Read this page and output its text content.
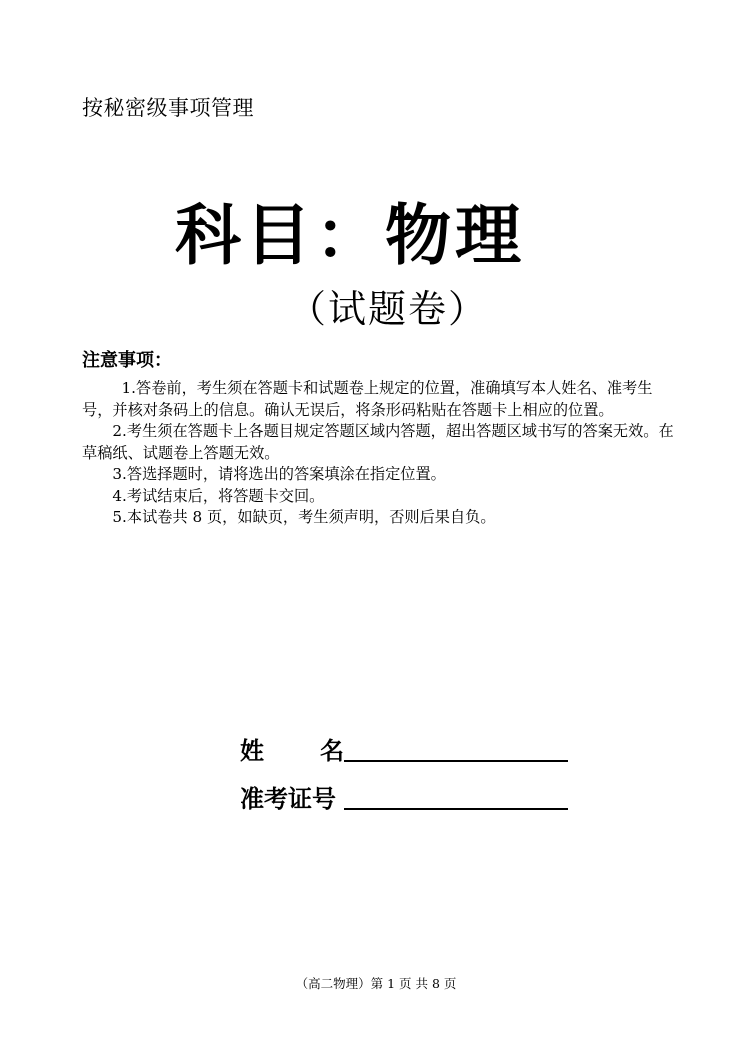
按秘密级事项管理
科目：物理
（试题卷）
注意事项：

1.答卷前，考生须在答题卡和试题卷上规定的位置，准确填写本人姓名、准考生号，并核对条码上的信息。确认无误后，将条形码粘贴在答题卡上相应的位置。

2.考生须在答题卡上各题目规定答题区域内答题，超出答题区域书写的答案无效。在草稿纸、试题卷上答题无效。

3.答选择题时，请将选出的答案填涂在指定位置。

4.考试结束后，将答题卡交回。

5.本试卷共 8 页，如缺页，考生须声明，否则后果自负。

姓 名
准考证号
（高二物理）第 1 页 共 8 页
